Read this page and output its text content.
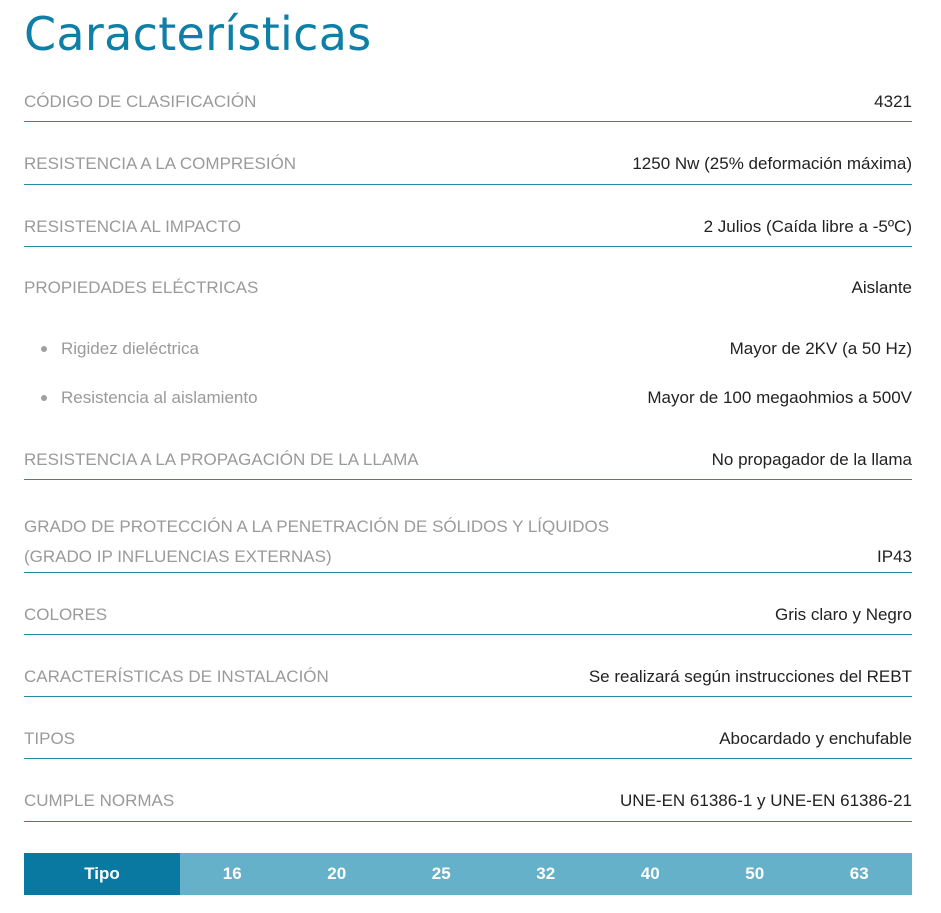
Características
CÓDIGO DE CLASIFICACIÓN	4321
RESISTENCIA A LA COMPRESIÓN	1250 Nw (25% deformación máxima)
RESISTENCIA AL IMPACTO	2 Julios (Caída libre a -5ºC)
PROPIEDADES ELÉCTRICAS	Aislante
Rigidez dieléctrica	Mayor de 2KV (a 50 Hz)
Resistencia al aislamiento	Mayor de 100 megaohmios a 500V
RESISTENCIA A LA PROPAGACIÓN DE LA LLAMA	No propagador de la llama
GRADO DE PROTECCIÓN A LA PENETRACIÓN DE SÓLIDOS Y LÍQUIDOS
(GRADO IP INFLUENCIAS EXTERNAS)	IP43
COLORES	Gris claro y Negro
CARACTERÍSTICAS DE INSTALACIÓN	Se realizará según instrucciones del REBT
TIPOS	Abocardado y enchufable
CUMPLE NORMAS	UNE-EN 61386-1 y UNE-EN 61386-21
Tipo	16	20	25	32	40	50	63
